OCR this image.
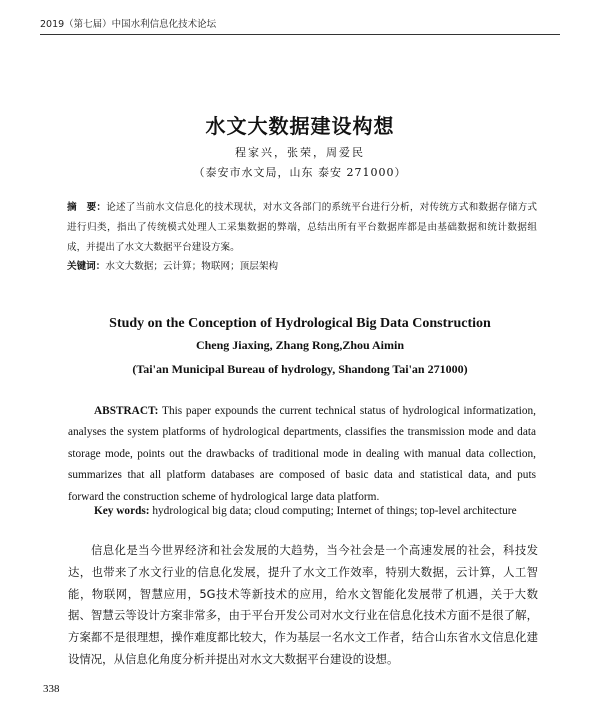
2019（第七届）中国水利信息化技术论坛
水文大数据建设构想
程家兴，张荣，周爱民
（泰安市水文局，山东 泰安 271000）
摘　要：论述了当前水文信息化的技术现状，对水文各部门的系统平台进行分析，对传统方式和数据存储方式进行归类，指出了传统模式处理人工采集数据的弊端，总结出所有平台数据库都是由基础数据和统计数据组成，并提出了水文大数据平台建设方案。
关键词：水文大数据；云计算；物联网；顶层架构
Study on the Conception of Hydrological Big Data Construction
Cheng Jiaxing, Zhang Rong,Zhou Aimin
(Tai'an Municipal Bureau of hydrology, Shandong Tai'an 271000)
ABSTRACT: This paper expounds the current technical status of hydrological informatization, analyses the system platforms of hydrological departments, classifies the transmission mode and data storage mode, points out the drawbacks of traditional mode in dealing with manual data collection, summarizes that all platform databases are composed of basic data and statistical data, and puts forward the construction scheme of hydrological large data platform.
Key words: hydrological big data; cloud computing; Internet of things; top-level architecture
信息化是当今世界经济和社会发展的大趋势，当今社会是一个高速发展的社会，科技发达，也带来了水文行业的信息化发展，提升了水文工作效率，特别大数据，云计算，人工智能，物联网，智慧应用，5G技术等新技术的应用，给水文智能化发展带了机遇，关于大数据、智慧云等设计方案非常多，由于平台开发公司对水文行业在信息化技术方面不是很了解，方案都不是很理想，操作难度都比较大，作为基层一名水文工作者，结合山东省水文信息化建设情况，从信息化角度分析并提出对水文大数据平台建设的设想。
338
